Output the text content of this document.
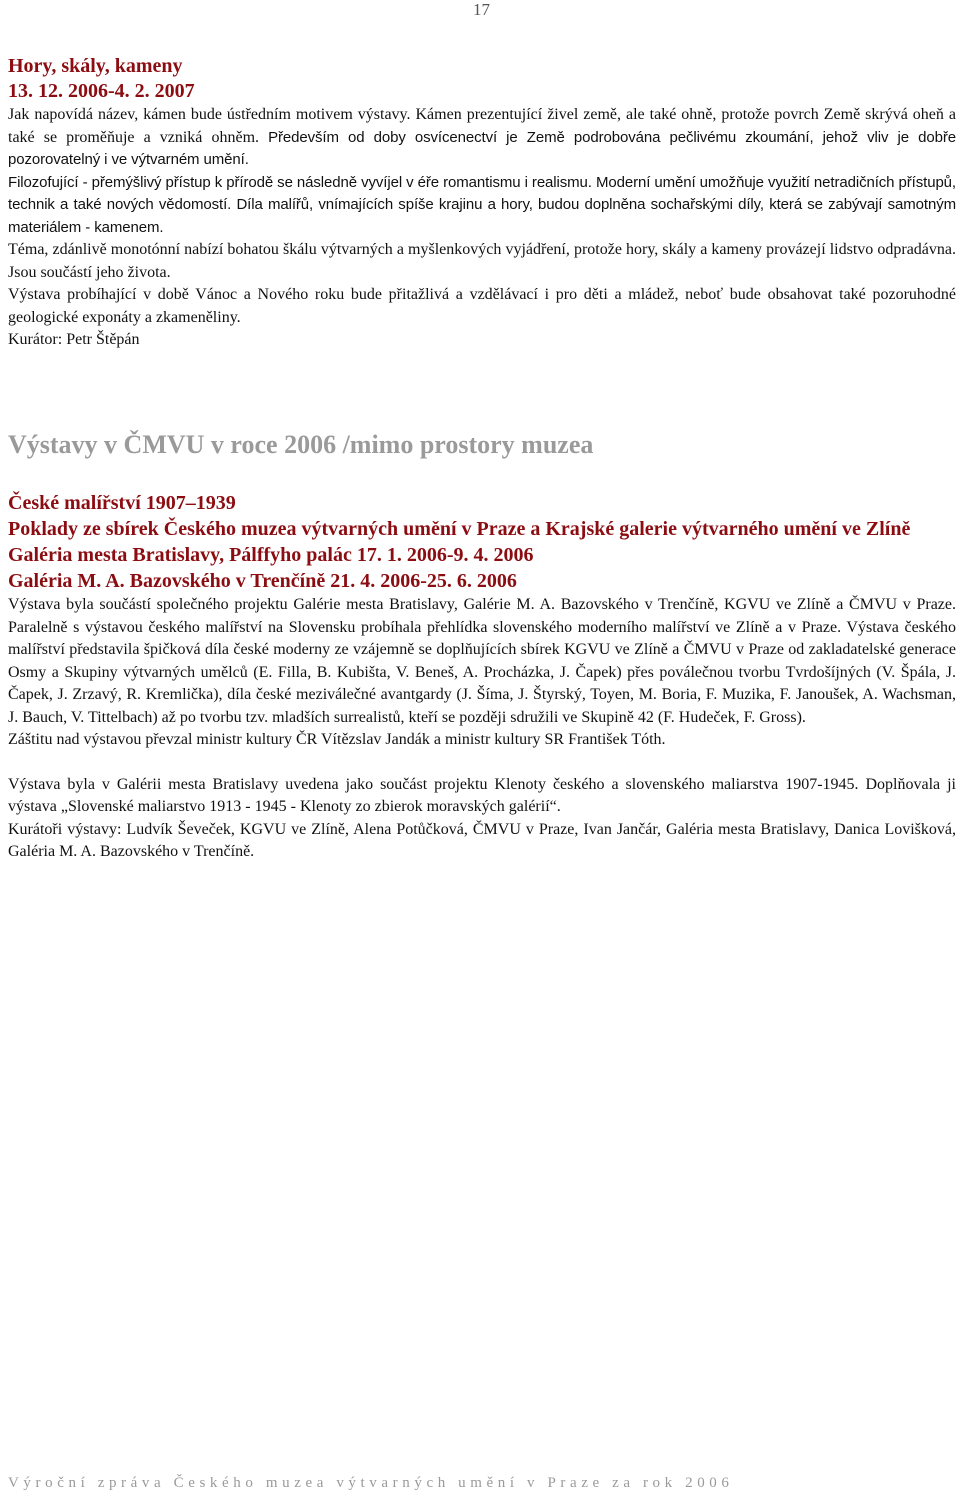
17
Hory, skály, kameny
13. 12. 2006-4. 2. 2007

Jak napovídá název, kámen bude ústředním motivem výstavy. Kámen prezentující živel země, ale také ohně, protože povrch Země skrývá oheň a také se proměňuje a vzniká ohněm. Především od doby osvícenectví je Země podrobována pečlivému zkoumání, jehož vliv je dobře pozorovatelný i ve výtvarném umění.

Filozofující - přemýšlivý přístup k přírodě se následně vyvíjel v éře romantismu i realismu. Moderní umění umožňuje využití netradičních přístupů, technik a také nových vědomostí. Díla malířů, vnímajících spíše krajinu a hory, budou doplněna sochařskými díly, která se zabývají samotným materiálem - kamenem.

Téma, zdánlivě monotónní nabízí bohatou škálu výtvarných a myšlenkových vyjádření, protože hory, skály a kameny provázejí lidstvo odpradávna. Jsou součástí jeho života.

Výstava probíhající v době Vánoc a Nového roku bude přitažlivá a vzdělávací i pro děti a mládež, neboť bude obsahovat také pozoruhodné geologické exponáty a zkameněliny.

Kurátor: Petr Štěpán

Výstavy v ČMVU v roce 2006 /mimo prostory muzea
České malířství 1907–1939
Poklady ze sbírek Českého muzea výtvarných umění v Praze a Krajské galerie výtvarného umění ve Zlíně
Galéria mesta Bratislavy, Pálffyho palác 17. 1. 2006-9. 4. 2006
Galéria M. A. Bazovského v Trenčíně 21. 4. 2006-25. 6. 2006

Výstava byla součástí společného projektu Galérie mesta Bratislavy, Galérie M. A. Bazovského v Trenčíně, KGVU ve Zlíně a ČMVU v Praze. Paralelně s výstavou českého malířství na Slovensku probíhala přehlídka slovenského moderního malířství ve Zlíně a v Praze. Výstava českého malířství představila špičková díla české moderny ze vzájemně se doplňujících sbírek KGVU ve Zlíně a ČMVU v Praze od zakladatelské generace Osmy a Skupiny výtvarných umělců (E. Filla, B. Kubišta, V. Beneš, A. Procházka, J. Čapek) přes poválečnou tvorbu Tvrdošíjných (V. Špála, J. Čapek, J. Zrzavý, R. Kremlička), díla české meziválečné avantgardy (J. Šíma, J. Štyrský, Toyen, M. Boria, F. Muzika, F. Janoušek, A. Wachsman, J. Bauch, V. Tittelbach) až po tvorbu tzv. mladších surrealistů, kteří se později sdružili ve Skupině 42 (F. Hudeček, F. Gross).

Záštitu nad výstavou převzal ministr kultury ČR Vítězslav Jandák a ministr kultury SR František Tóth.

Výstava byla v Galérii mesta Bratislavy uvedena jako součást projektu Klenoty českého a slovenského maliarstva 1907-1945. Doplňovala ji výstava „Slovenské maliarstvo 1913 - 1945 - Klenoty zo zbierok moravských galérií“.

Kurátoři výstavy: Ludvík Ševeček, KGVU ve Zlíně, Alena Potůčková, ČMVU v Praze, Ivan Jančár, Galéria mesta Bratislavy, Danica Lovišková, Galéria M. A. Bazovského v Trenčíně.

Výroční zpráva Českého muzea výtvarných umění v Praze za rok 2006
